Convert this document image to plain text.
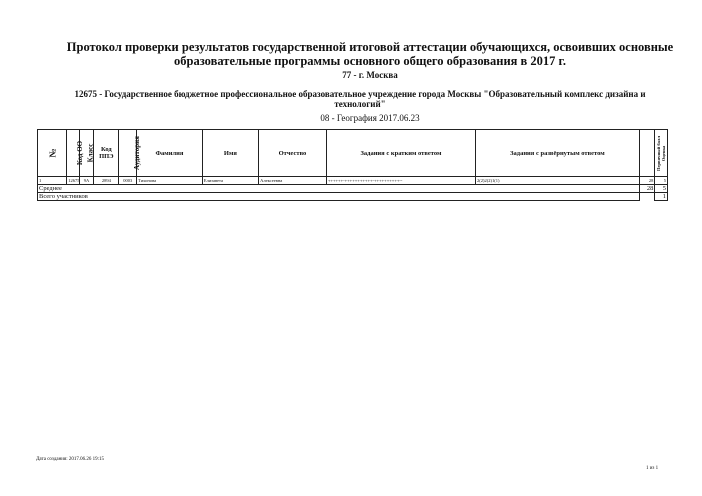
Протокол проверки результатов государственной итоговой аттестации обучающихся, освоивших основные образовательные программы основного общего образования в 2017 г.
77 - г. Москва
12675 - Государственное бюджетное профессиональное образовательное учреждение города Москвы "Образовательный комплекс дизайна и технологий"
08 - География 2017.06.23
№	Код ОО	Класс	Код ППЭ	Аудитория	Фамилия	Имя	Отчество	Задания с кратким ответом	Задания с развёрнутым ответом	Первичный балл	Оценка
1	12675	9А	2894	0003	Тихонова	Елизавета	Алексеевна	++++++-+++++++++++-++++++++++--	2(2)2(2)1(1)	28	5
Среднее										28	5
Всего участников											1
Дата создания: 2017.06.26 19:15
1 из 1
